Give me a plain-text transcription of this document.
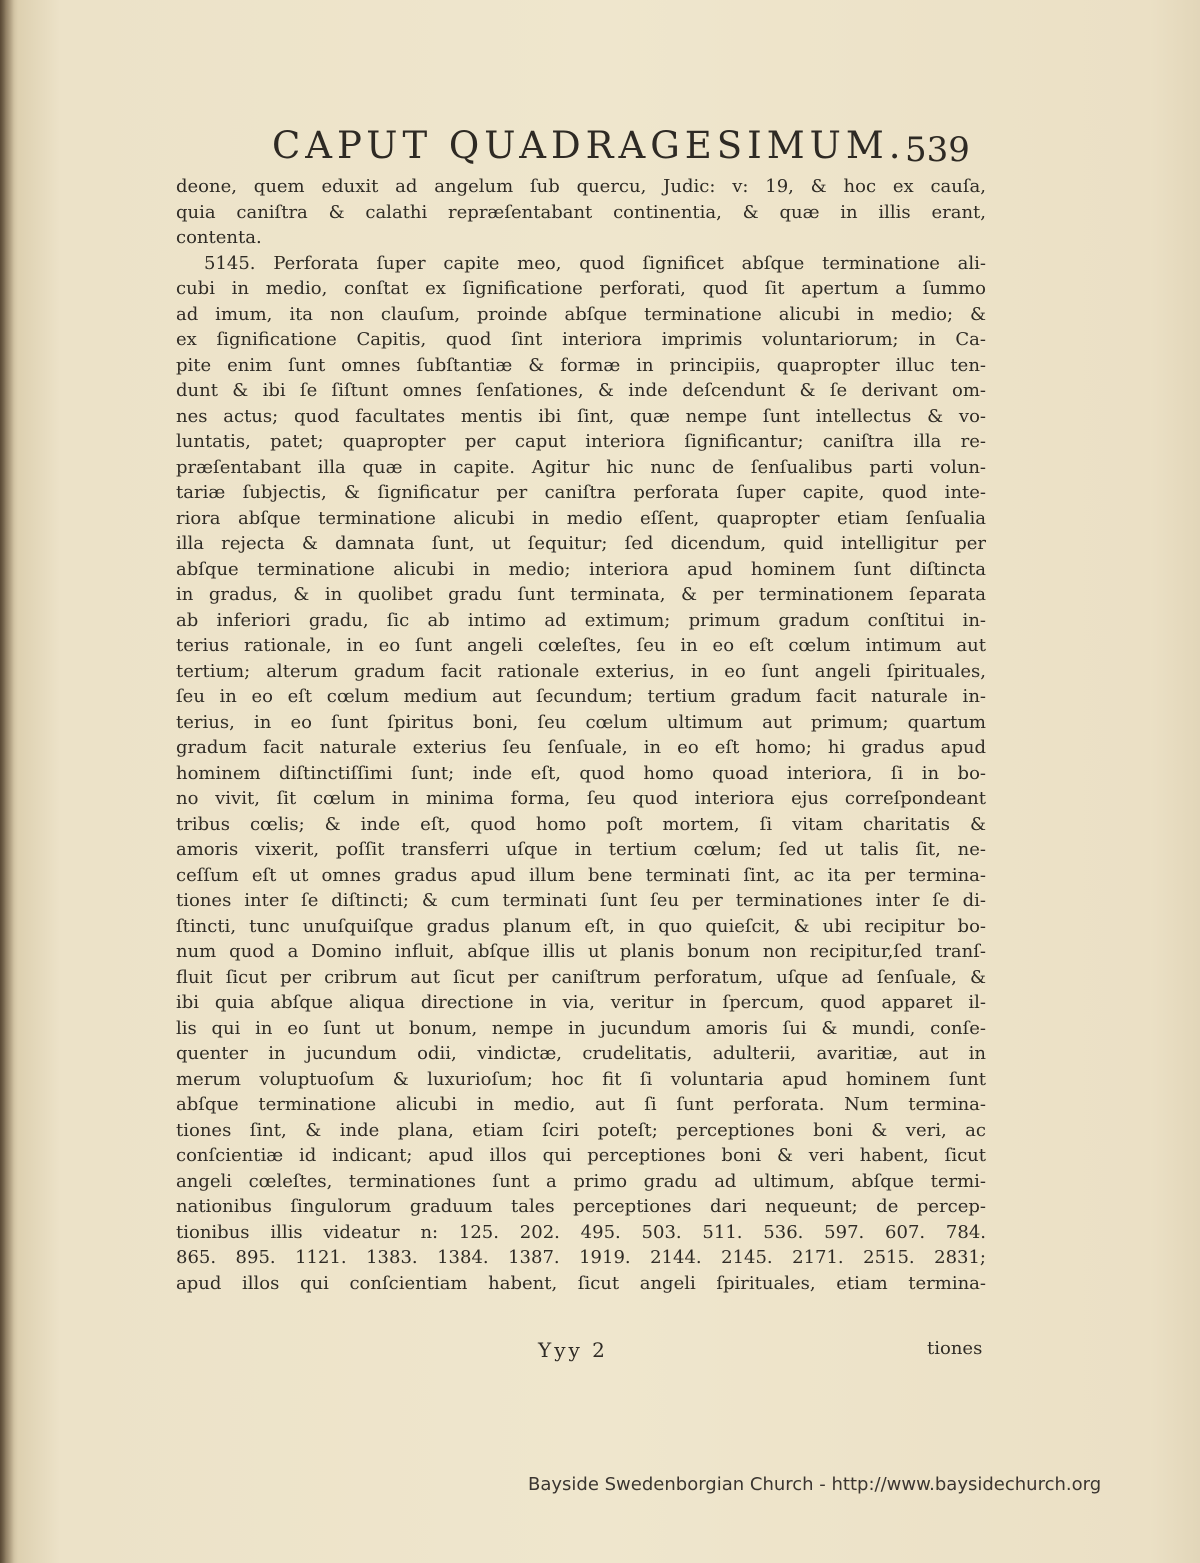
CAPUT QUADRAGESIMUM. 539
deone, quem eduxit ad angelum ſub quercu, Judic: v: 19, & hoc ex cauſa,
quia caniſtra & calathi repræſentabant continentia, & quæ in illis erant,
contenta.
5145. Perforata ſuper capite meo, quod ſignificet abſque terminatione ali-
cubi in medio, conſtat ex ſignificatione perforati, quod ſit apertum a ſummo
ad imum, ita non clauſum, proinde abſque terminatione alicubi in medio; &
ex ſignificatione Capitis, quod ſint interiora imprimis voluntariorum; in Ca-
pite enim ſunt omnes ſubſtantiæ & formæ in principiis, quapropter illuc ten-
dunt & ibi ſe ſiſtunt omnes ſenſationes, & inde deſcendunt & ſe derivant om-
nes actus; quod facultates mentis ibi ſint, quæ nempe ſunt intellectus & vo-
luntatis, patet; quapropter per caput interiora ſignificantur; caniſtra illa re-
præſentabant illa quæ in capite. Agitur hic nunc de ſenſualibus parti volun-
tariæ ſubjectis, & ſignificatur per caniſtra perforata ſuper capite, quod inte-
riora abſque terminatione alicubi in medio eſſent, quapropter etiam ſenſualia
illa rejecta & damnata ſunt, ut ſequitur; ſed dicendum, quid intelligitur per
abſque terminatione alicubi in medio; interiora apud hominem ſunt diſtincta
in gradus, & in quolibet gradu ſunt terminata, & per terminationem ſeparata
ab inferiori gradu, ſic ab intimo ad extimum; primum gradum conſtitui in-
terius rationale, in eo ſunt angeli cœleſtes, ſeu in eo eſt cœlum intimum aut
tertium; alterum gradum facit rationale exterius, in eo ſunt angeli ſpirituales,
ſeu in eo eſt cœlum medium aut ſecundum; tertium gradum facit naturale in-
terius, in eo ſunt ſpiritus boni, ſeu cœlum ultimum aut primum; quartum
gradum facit naturale exterius ſeu ſenſuale, in eo eſt homo; hi gradus apud
hominem diſtinctiſſimi ſunt; inde eſt, quod homo quoad interiora, ſi in bo-
no vivit, ſit cœlum in minima forma, ſeu quod interiora ejus correſpondeant
tribus cœlis; & inde eſt, quod homo poſt mortem, ſi vitam charitatis &
amoris vixerit, poſſit transferri uſque in tertium cœlum; ſed ut talis ſit, ne-
ceſſum eſt ut omnes gradus apud illum bene terminati ſint, ac ita per termina-
tiones inter ſe diſtincti; & cum terminati ſunt ſeu per terminationes inter ſe di-
ſtincti, tunc unuſquiſque gradus planum eſt, in quo quieſcit, & ubi recipitur bo-
num quod a Domino influit, abſque illis ut planis bonum non recipitur,ſed tranſ-
fluit ſicut per cribrum aut ſicut per caniſtrum perforatum, uſque ad ſenſuale, &
ibi quia abſque aliqua directione in via, veritur in ſpercum, quod apparet il-
lis qui in eo ſunt ut bonum, nempe in jucundum amoris ſui & mundi, conſe-
quenter in jucundum odii, vindictæ, crudelitatis, adulterii, avaritiæ, aut in
merum voluptuoſum & luxurioſum; hoc fit ſi voluntaria apud hominem ſunt
abſque terminatione alicubi in medio, aut ſi ſunt perforata. Num termina-
tiones ſint, & inde plana, etiam ſciri poteſt; perceptiones boni & veri, ac
conſcientiæ id indicant; apud illos qui perceptiones boni & veri habent, ſicut
angeli cœleſtes, terminationes ſunt a primo gradu ad ultimum, abſque termi-
nationibus ſingulorum graduum tales perceptiones dari nequeunt; de percep-
tionibus illis videatur n: 125. 202. 495. 503. 511. 536. 597. 607. 784.
865. 895. 1121. 1383. 1384. 1387. 1919. 2144. 2145. 2171. 2515. 2831;
apud illos qui conſcientiam habent, ſicut angeli ſpirituales, etiam termina-
Yyy 2	tiones
Bayside Swedenborgian Church - http://www.baysidechurch.org
